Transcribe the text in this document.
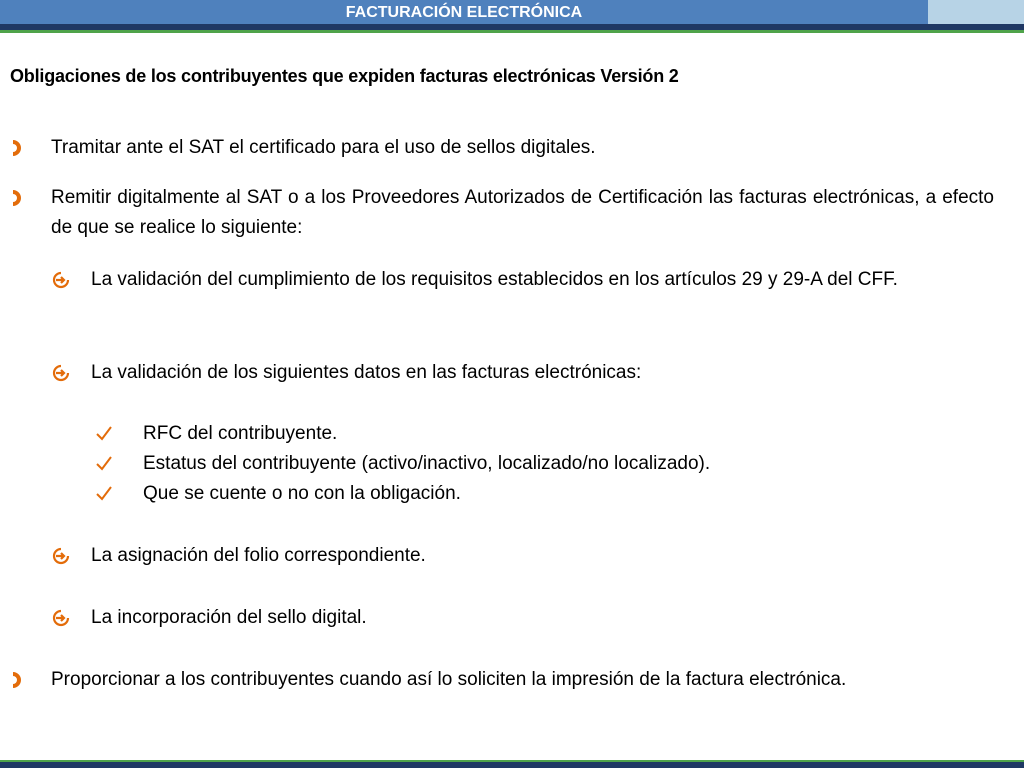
FACTURACIÓN ELECTRÓNICA
Obligaciones de los contribuyentes que expiden facturas electrónicas Versión 2
Tramitar ante el SAT el certificado para el uso de sellos digitales.
Remitir digitalmente al SAT o a los Proveedores Autorizados de Certificación las facturas electrónicas, a efecto de que se realice lo siguiente:
La validación del cumplimiento de los requisitos establecidos en los artículos 29 y 29-A del CFF.
La validación de los siguientes datos en las facturas electrónicas:
RFC del contribuyente.
Estatus del contribuyente (activo/inactivo, localizado/no localizado).
Que se cuente o no con la obligación.
La asignación del folio correspondiente.
La incorporación del sello digital.
Proporcionar a los contribuyentes cuando así lo soliciten la impresión de la factura electrónica.
